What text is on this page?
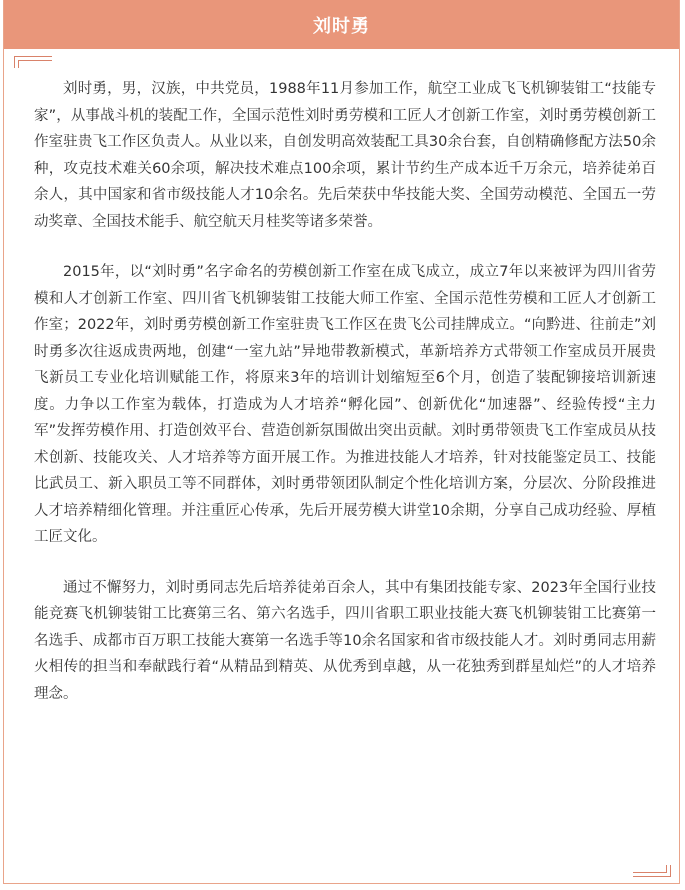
刘时勇

刘时勇，男，汉族，中共党员，1988年11月参加工作，航空工业成飞飞机铆装钳工“技能专家”，从事战斗机的装配工作，全国示范性刘时勇劳模和工匠人才创新工作室，刘时勇劳模创新工作室驻贵飞工作区负责人。从业以来，自创发明高效装配工具30余台套，自创精确修配方法50余种，攻克技术难关60余项，解决技术难点100余项，累计节约生产成本近千万余元，培养徒弟百余人，其中国家和省市级技能人才10余名。先后荣获中华技能大奖、全国劳动模范、全国五一劳动奖章、全国技术能手、航空航天月桂奖等诸多荣誉。

2015年，以“刘时勇”名字命名的劳模创新工作室在成飞成立，成立7年以来被评为四川省劳模和人才创新工作室、四川省飞机铆装钳工技能大师工作室、全国示范性劳模和工匠人才创新工作室；2022年，刘时勇劳模创新工作室驻贵飞工作区在贵飞公司挂牌成立。“向黔进、往前走”刘时勇多次往返成贵两地，创建“一室九站”异地带教新模式，革新培养方式带领工作室成员开展贵飞新员工专业化培训赋能工作，将原来3年的培训计划缩短至6个月，创造了装配铆接培训新速度。力争以工作室为载体，打造成为人才培养“孵化园”、创新优化“加速器”、经验传授“主力军”发挥劳模作用、打造创效平台、营造创新氛围做出突出贡献。刘时勇带领贵飞工作室成员从技术创新、技能攻关、人才培养等方面开展工作。为推进技能人才培养，针对技能鉴定员工、技能比武员工、新入职员工等不同群体，刘时勇带领团队制定个性化培训方案，分层次、分阶段推进人才培养精细化管理。并注重匠心传承，先后开展劳模大讲堂10余期，分享自己成功经验、厚植工匠文化。

通过不懈努力，刘时勇同志先后培养徒弟百余人，其中有集团技能专家、2023年全国行业技能竞赛飞机铆装钳工比赛第三名、第六名选手，四川省职工职业技能大赛飞机铆装钳工比赛第一名选手、成都市百万职工技能大赛第一名选手等10余名国家和省市级技能人才。刘时勇同志用薪火相传的担当和奉献践行着“从精品到精英、从优秀到卓越，从一花独秀到群星灿烂”的人才培养理念。
